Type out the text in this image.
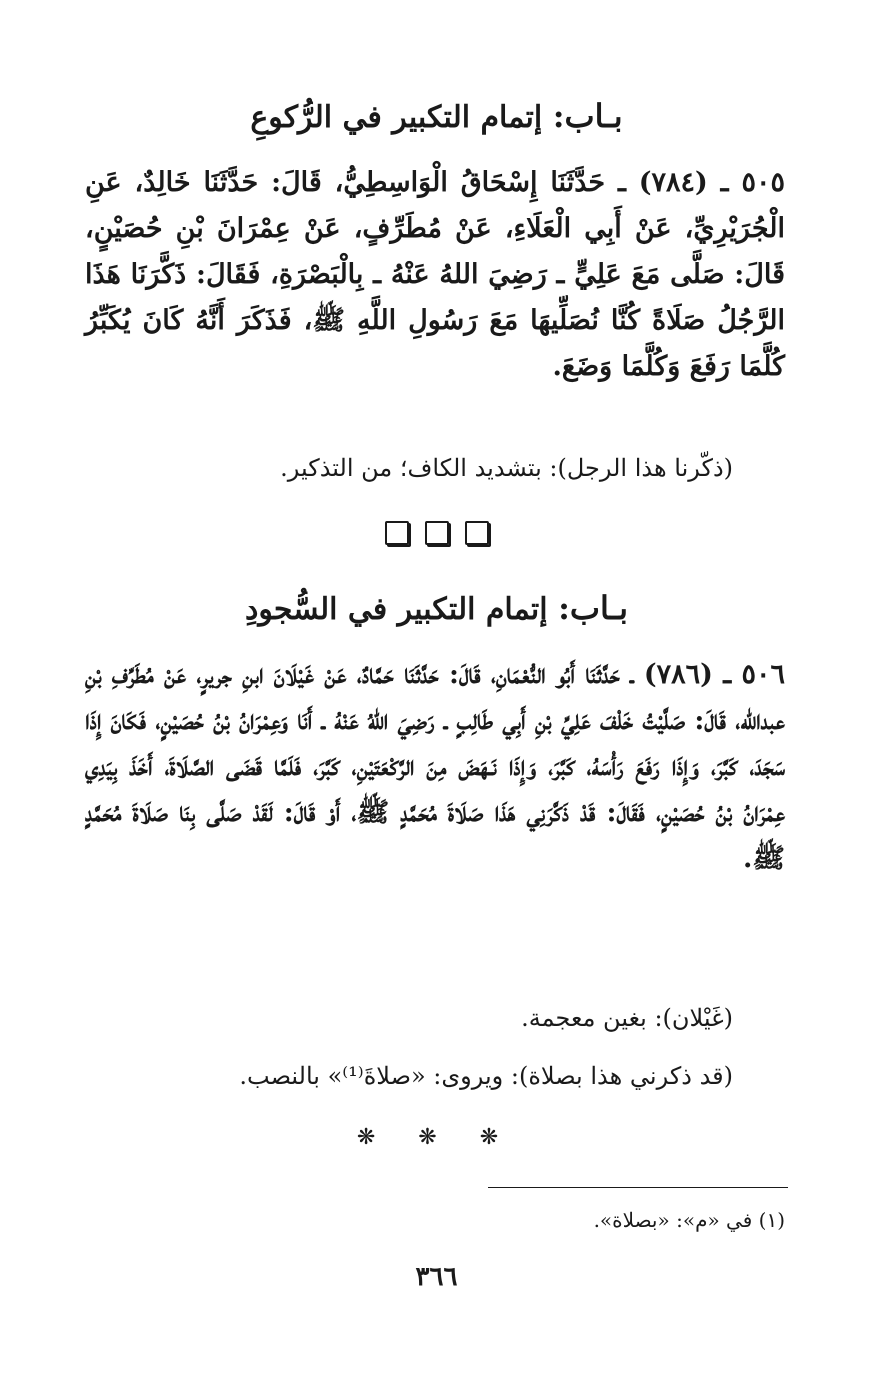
بـاب: إتمام التكبير في الرُّكوعِ
٥٠٥ ـ (٧٨٤) ـ حَدَّثَنَا إِسْحَاقُ الْوَاسِطِيُّ، قَالَ: حَدَّثَنَا خَالِدٌ، عَنِ الْجُرَيْرِيِّ، عَنْ أَبِي الْعَلَاءِ، عَنْ مُطَرِّفٍ، عَنْ عِمْرَانَ بْنِ حُصَيْنٍ، قَالَ: صَلَّى مَعَ عَلِيٍّ ـ رَضِيَ اللهُ عَنْهُ ـ بِالْبَصْرَةِ، فَقَالَ: ذَكَّرَنَا هَذَا الرَّجُلُ صَلَاةً كُنَّا نُصَلِّيهَا مَعَ رَسُولِ اللَّهِ ﷺ، فَذَكَرَ أَنَّهُ كَانَ يُكَبِّرُ كُلَّمَا رَفَعَ وَكُلَّمَا وَضَعَ.
(ذكّرنا هذا الرجل): بتشديد الكاف؛ من التذكير.
بـاب: إتمام التكبير في السُّجودِ
٥٠٦ ـ (٧٨٦) ـ حَدَّثَنَا أَبُو النُّعْمَانِ، قَالَ: حَدَّثَنَا حَمَّادٌ، عَنْ غَيْلَانَ ابنِ جريرٍ، عَنْ مُطَرِّفِ بْنِ عبدالله، قَالَ: صَلَّيْتُ خَلْفَ عَلِيِّ بْنِ أَبِي طَالِبٍ ـ رَضِيَ اللهُ عَنْهُ ـ أَنَا وَعِمْرَانُ بْنُ حُصَيْنٍ، فَكَانَ إِذَا سَجَدَ، كَبَّرَ، وَإِذَا رَفَعَ رَأْسَهُ، كَبَّرَ، وَإِذَا نَـهَضَ مِنَ الرَّكْعَتَيْنِ، كَبَّرَ، فَلَمَّا قَضَى الصَّلَاةَ، أَخَذَ بِيَدِي عِمْرَانُ بْنُ حُصَيْنٍ، فَقَالَ: قَدْ ذَكَّرَنِي هَذَا صَلَاةَ مُحَمَّدٍ ﷺ، أَوْ قَالَ: لَقَدْ صَلَّى بِنَا صَلَاةَ مُحَمَّدٍ ﷺ.
(غَيْلان): بغين معجمة.
(قد ذكرني هذا بصلاة): ويروى: «صلاةَ⁽¹⁾» بالنصب.
❋ ❋ ❋
(١) في «م»: «بصلاة».
٣٦٦
